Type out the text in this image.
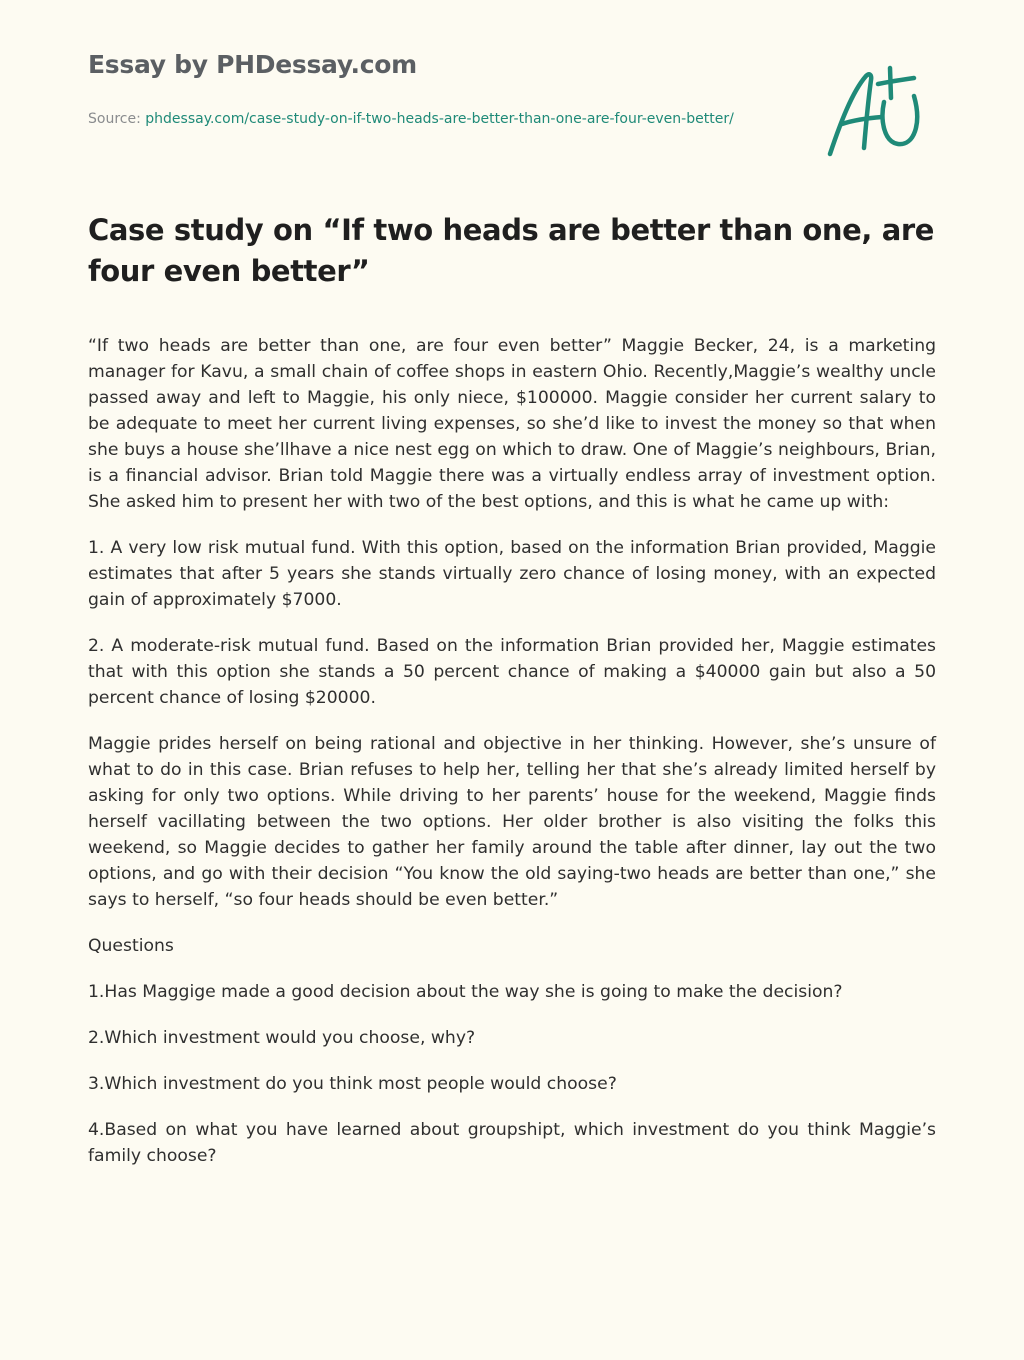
Essay by PHDessay.com
Source: phdessay.com/case-study-on-if-two-heads-are-better-than-one-are-four-even-better/
Case study on “If two heads are better than one, are four even better”

“If two heads are better than one, are four even better” Maggie Becker, 24, is a marketing manager for Kavu, a small chain of coffee shops in eastern Ohio. Recently,Maggie’s wealthy uncle passed away and left to Maggie, his only niece, $100000. Maggie consider her current salary to be adequate to meet her current living expenses, so she’d like to invest the money so that when she buys a house she’llhave a nice nest egg on which to draw. One of Maggie’s neighbours, Brian, is a financial advisor. Brian told Maggie there was a virtually endless array of investment option. She asked him to present her with two of the best options, and this is what he came up with:

1. A very low risk mutual fund. With this option, based on the information Brian provided, Maggie estimates that after 5 years she stands virtually zero chance of losing money, with an expected gain of approximately $7000.

2. A moderate-risk mutual fund. Based on the information Brian provided her, Maggie estimates that with this option she stands a 50 percent chance of making a $40000 gain but also a 50 percent chance of losing $20000.

Maggie prides herself on being rational and objective in her thinking. However, she’s unsure of what to do in this case. Brian refuses to help her, telling her that she’s already limited herself by asking for only two options. While driving to her parents’ house for the weekend, Maggie finds herself vacillating between the two options. Her older brother is also visiting the folks this weekend, so Maggie decides to gather her family around the table after dinner, lay out the two options, and go with their decision “You know the old saying-two heads are better than one,” she says to herself, “so four heads should be even better.”

Questions

1.Has Maggige made a good decision about the way she is going to make the decision?

2.Which investment would you choose, why?

3.Which investment do you think most people would choose?

4.Based on what you have learned about groupshipt, which investment do you think Maggie’s family choose?
